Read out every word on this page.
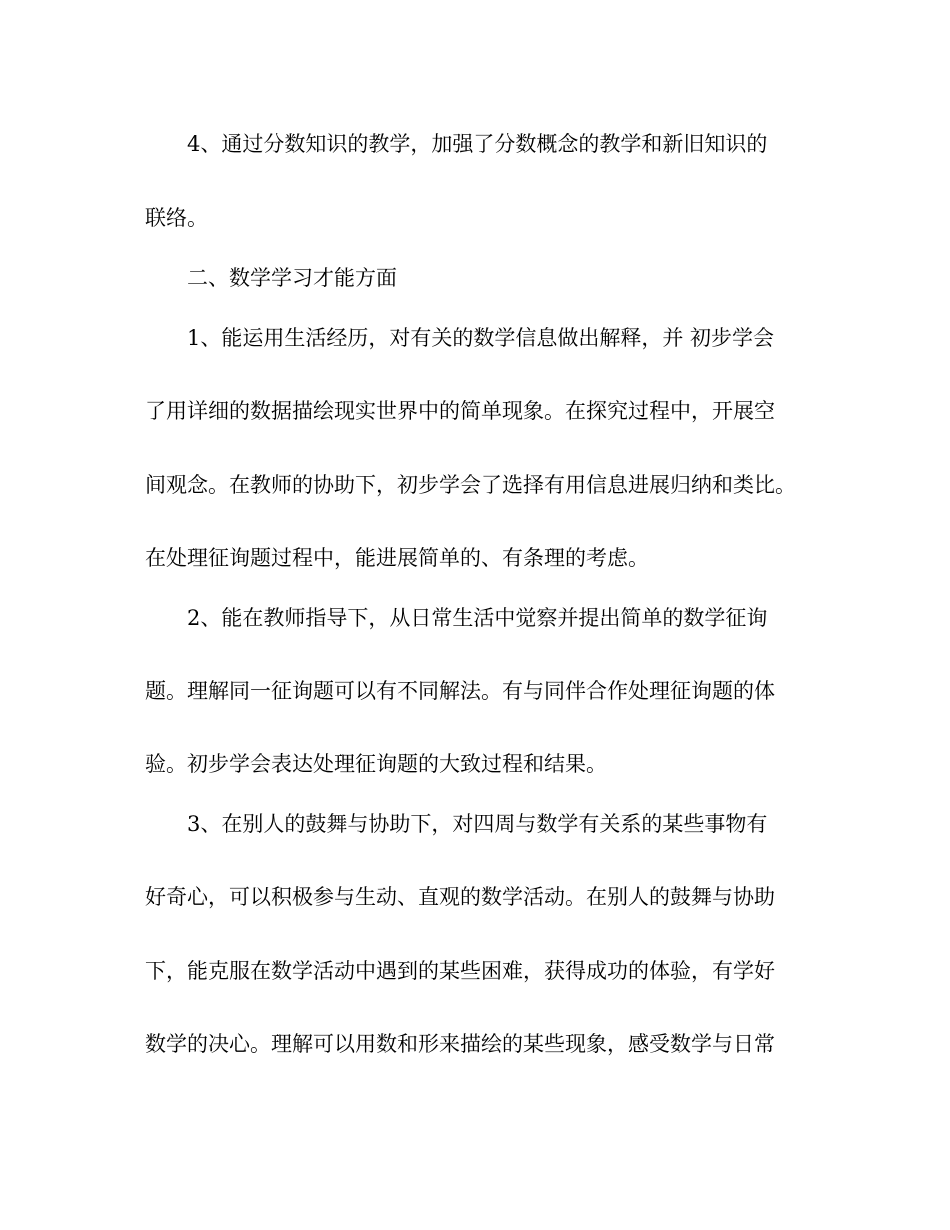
4、通过分数知识的教学，加强了分数概念的教学和新旧知识的
联络。
二、数学学习才能方面
1、能运用生活经历，对有关的数学信息做出解释，并 初步学会
了用详细的数据描绘现实世界中的简单现象。在探究过程中，开展空
间观念。在教师的协助下，初步学会了选择有用信息进展归纳和类比。
在处理征询题过程中，能进展简单的、有条理的考虑。
2、能在教师指导下，从日常生活中觉察并提出简单的数学征询
题。理解同一征询题可以有不同解法。有与同伴合作处理征询题的体
验。初步学会表达处理征询题的大致过程和结果。
3、在别人的鼓舞与协助下，对四周与数学有关系的某些事物有
好奇心，可以积极参与生动、直观的数学活动。在别人的鼓舞与协助
下，能克服在数学活动中遇到的某些困难，获得成功的体验，有学好
数学的决心。理解可以用数和形来描绘的某些现象，感受数学与日常
